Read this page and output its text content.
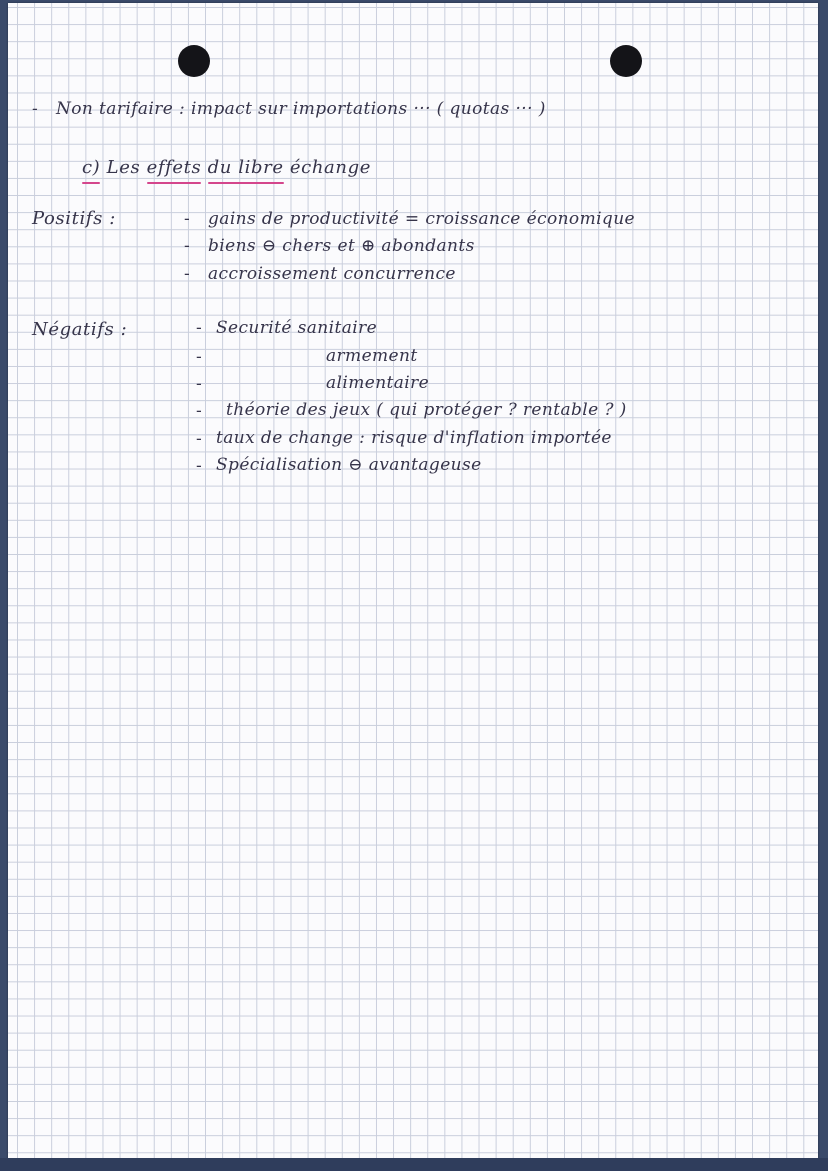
- Non tarifaire : impact sur importations ··· ( quotas ··· )
c) Les effets du libre échange
Positifs :	- gains de productivité = croissance économique
- biens ⊖ chers et ⊕ abondants
- accroissement concurrence
Négatifs :	- Securité sanitaire
-	armement
-	alimentaire
- théorie des jeux ( qui protéger ? rentable ? )
- taux de change : risque d'inflation importée
- Spécialisation ⊖ avantageuse
